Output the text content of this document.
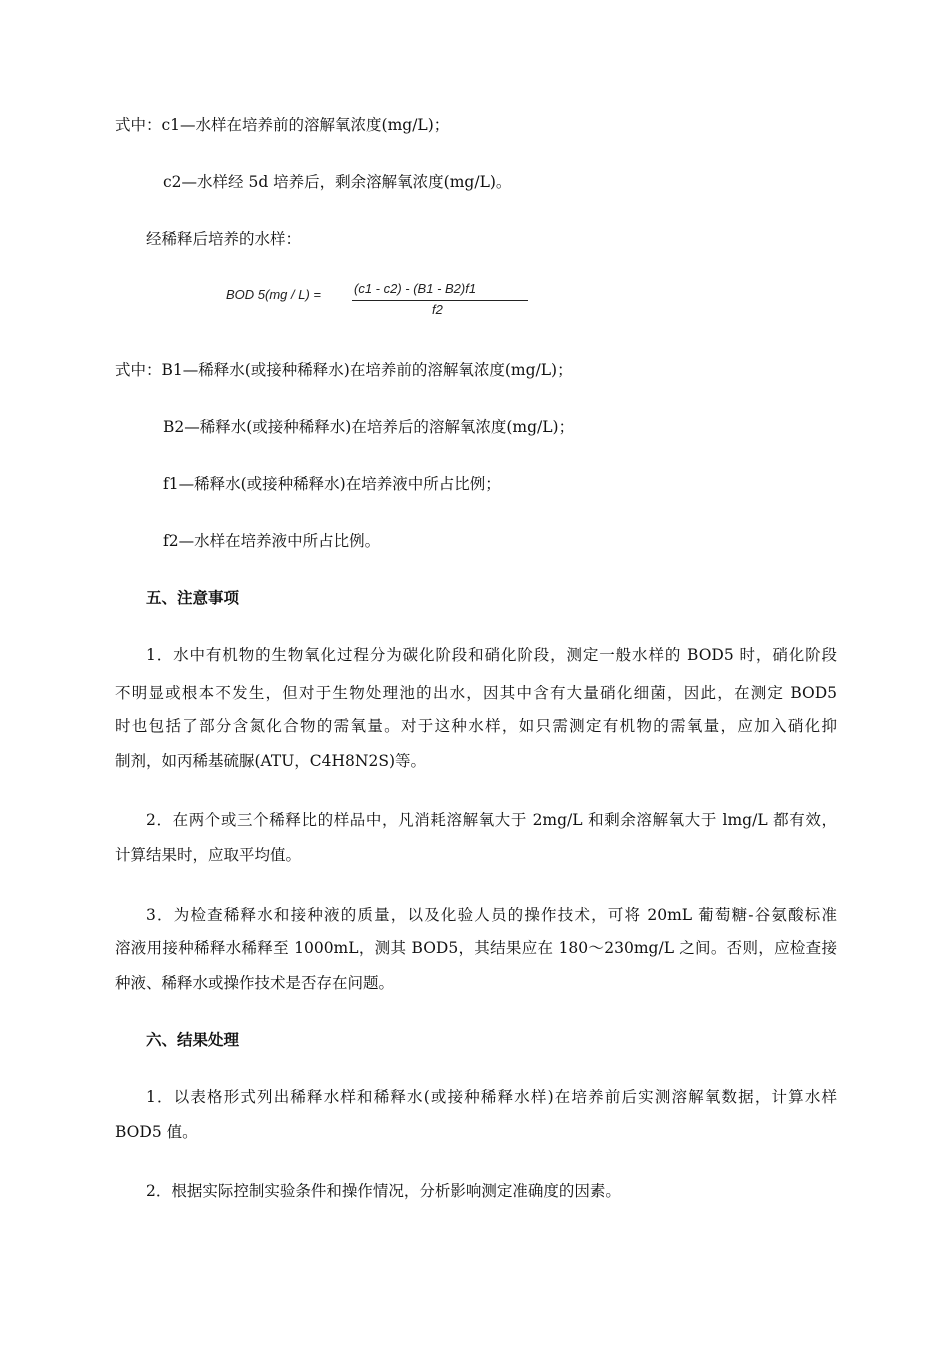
式中：c1—水样在培养前的溶解氧浓度(mg/L)；
c2—水样经 5d 培养后，剩余溶解氧浓度(mg/L)。
经稀释后培养的水样：
BOD 5(mg / L) =	(c1 - c2) - (B1 - B2)f1
f2
式中：B1—稀释水(或接种稀释水)在培养前的溶解氧浓度(mg/L)；
B2—稀释水(或接种稀释水)在培养后的溶解氧浓度(mg/L)；
f1—稀释水(或接种稀释水)在培养液中所占比例；
f2—水样在培养液中所占比例。
五、注意事项
1．水中有机物的生物氧化过程分为碳化阶段和硝化阶段，测定一般水样的 BOD5 时，硝化阶段
不明显或根本不发生，但对于生物处理池的出水，因其中含有大量硝化细菌，因此，在测定 BOD5
时也包括了部分含氮化合物的需氧量。对于这种水样，如只需测定有机物的需氧量，应加入硝化抑
制剂，如丙稀基硫脲(ATU，C4H8N2S)等。
2．在两个或三个稀释比的样品中，凡消耗溶解氧大于 2mg/L 和剩余溶解氧大于 lmg/L 都有效，
计算结果时，应取平均值。
3．为检查稀释水和接种液的质量，以及化验人员的操作技术，可将 20mL 葡萄糖-谷氨酸标准
溶液用接种稀释水稀释至 1000mL，测其 BOD5，其结果应在 180～230mg/L 之间。否则，应检查接
种液、稀释水或操作技术是否存在问题。
六、结果处理
1．以表格形式列出稀释水样和稀释水(或接种稀释水样)在培养前后实测溶解氧数据，计算水样
BOD5 值。
2．根据实际控制实验条件和操作情况，分析影响测定准确度的因素。
